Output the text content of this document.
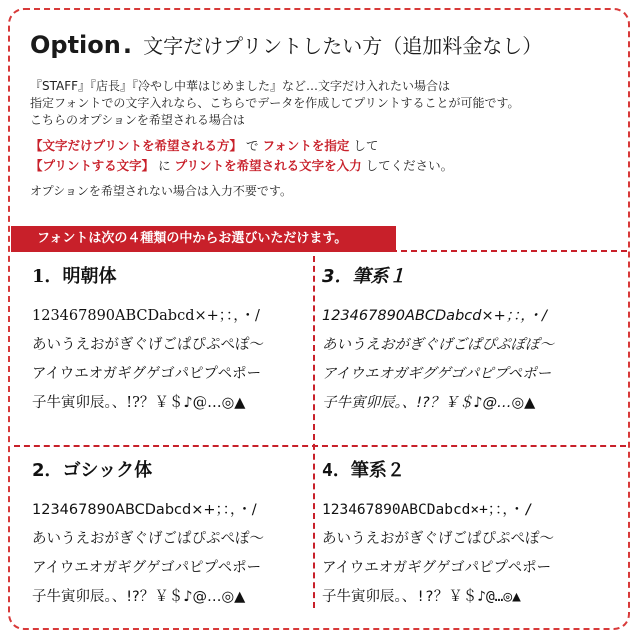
Option. 文字だけプリントしたい方（追加料金なし）
『STAFF』『店長』『冷やし中華はじめました』など…文字だけ入れたい場合は
指定フォントでの文字入れなら、こちらでデータを作成してプリントすることが可能です。
こちらのオプションを希望される場合は
【文字だけプリントを希望される方】 で フォントを指定 して
【プリントする文字】 に プリントを希望される文字を入力 してください。
オプションを希望されない場合は入力不要です。
フォントは次の４種類の中からお選びいただけます。
1．明朝体
123467890ABCDabcd×+；：，・/
あいうえおがぎぐげごぱぴぷぺぽ～
アイウエオガギグゲゴパピプペポー
子牛寅卯辰。、!?？￥＄♪@…◎▲
3．筆系１
123467890ABCDabcd×+；：，・/
あいうえおがぎぐげごぱぴぷぽぽ～
アイウエオガギグゲゴパピプペポー
子牛寅卯辰。、!?？￥＄♪@…◎▲
2．ゴシック体
123467890ABCDabcd×+；：，・/
あいうえおがぎぐげごぱぴぷぺぽ～
アイウエオガギグゲゴパピプペポー
子牛寅卯辰。、!?？￥＄♪@…◎▲
4．筆系２
123467890ABCDabcd×+；：，・/
あいうえおがぎぐげごぱぴぷぺぽ～
アイウエオガギグゲゴパピプペポー
子牛寅卯辰。、!?？￥＄♪@…◎▲
